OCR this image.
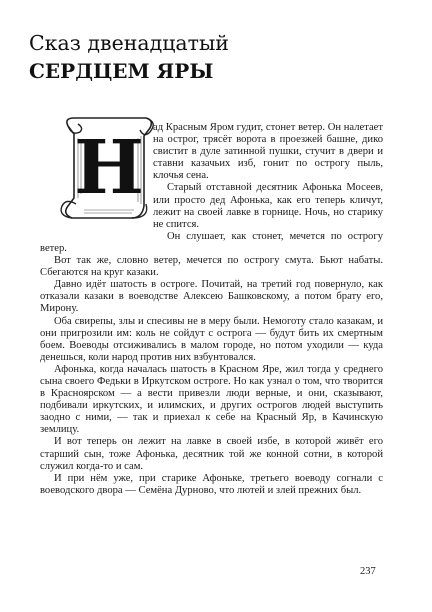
Сказ двенадцатый
СЕРДЦЕМ ЯРЫ
Н ад Красным Яром гудит, стонет ветер. Он налетает на острог, трясёт ворота в проезжей башне, дико свистит в дуле затинной пушки, стучит в двери и ставни казачьих изб, гонит по острогу пыль, клочья сена.

Старый отставной десятник Афонька Мосеев, или просто дед Афонька, как его теперь кличут, лежит на своей лавке в горнице. Ночь, но старику не спится.

Он слушает, как стонет, мечется по острогу ветер.

Вот так же, словно ветер, мечется по острогу смута. Бьют набаты. Сбегаются на круг казаки.

Давно идёт шатость в остроге. Почитай, на третий год повернуло, как отказали казаки в воеводстве Алексею Башковскому, а потом брату его, Мирону.

Оба свирепы, злы и спесивы не в меру были. Немоготу стало казакам, и они пригрозили им: коль не сойдут с острога — будут бить их смертным боем. Воеводы отсиживались в малом городе, но потом уходили — куда денешься, коли народ против них взбунтовался.

Афонька, когда началась шатость в Красном Яре, жил тогда у среднего сына своего Федьки в Иркутском остроге. Но как узнал о том, что творится в Красноярском — а вести привезли люди верные, и они, сказывают, подбивали иркутских, и илимских, и других острогов людей выступить заодно с ними, — так и приехал к себе на Красный Яр, в Качинскую землицу.

И вот теперь он лежит на лавке в своей избе, в которой живёт его старший сын, тоже Афонька, десятник той же конной сотни, в которой служил когда-то и сам.

И при нём уже, при старике Афоньке, третьего воеводу согнали с воеводского двора — Семёна Дурново, что лютей и злей прежних был.

237
